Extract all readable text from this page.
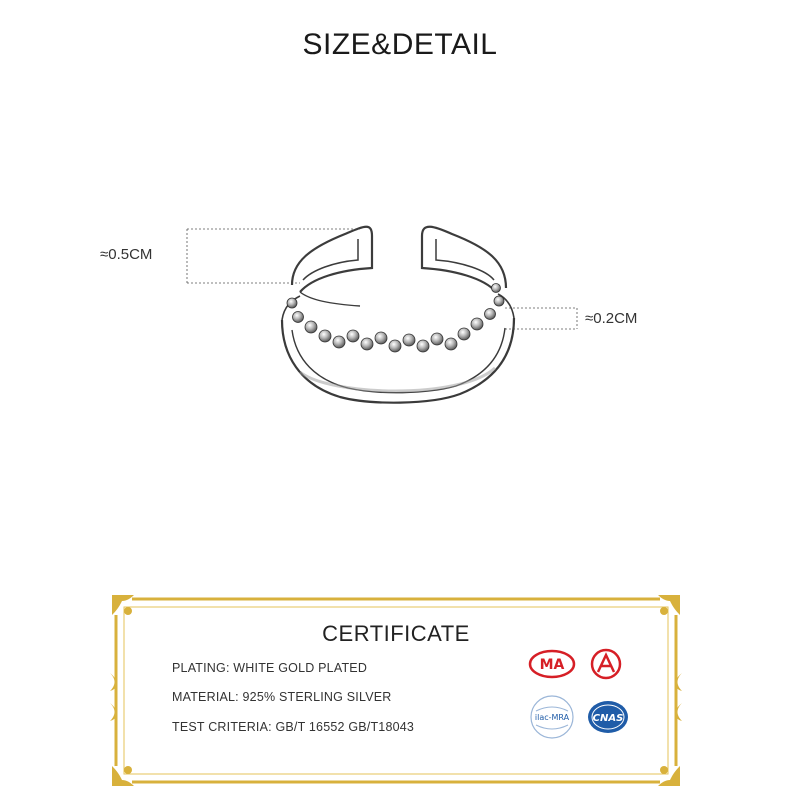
SIZE&DETAIL
≈0.5CM
≈0.2CM
CERTIFICATE
PLATING: WHITE GOLD PLATED
MATERIAL: 925% STERLING SILVER
TEST CRITERIA: GB/T 16552 GB/T18043
MA
ilac-MRA CNAS
